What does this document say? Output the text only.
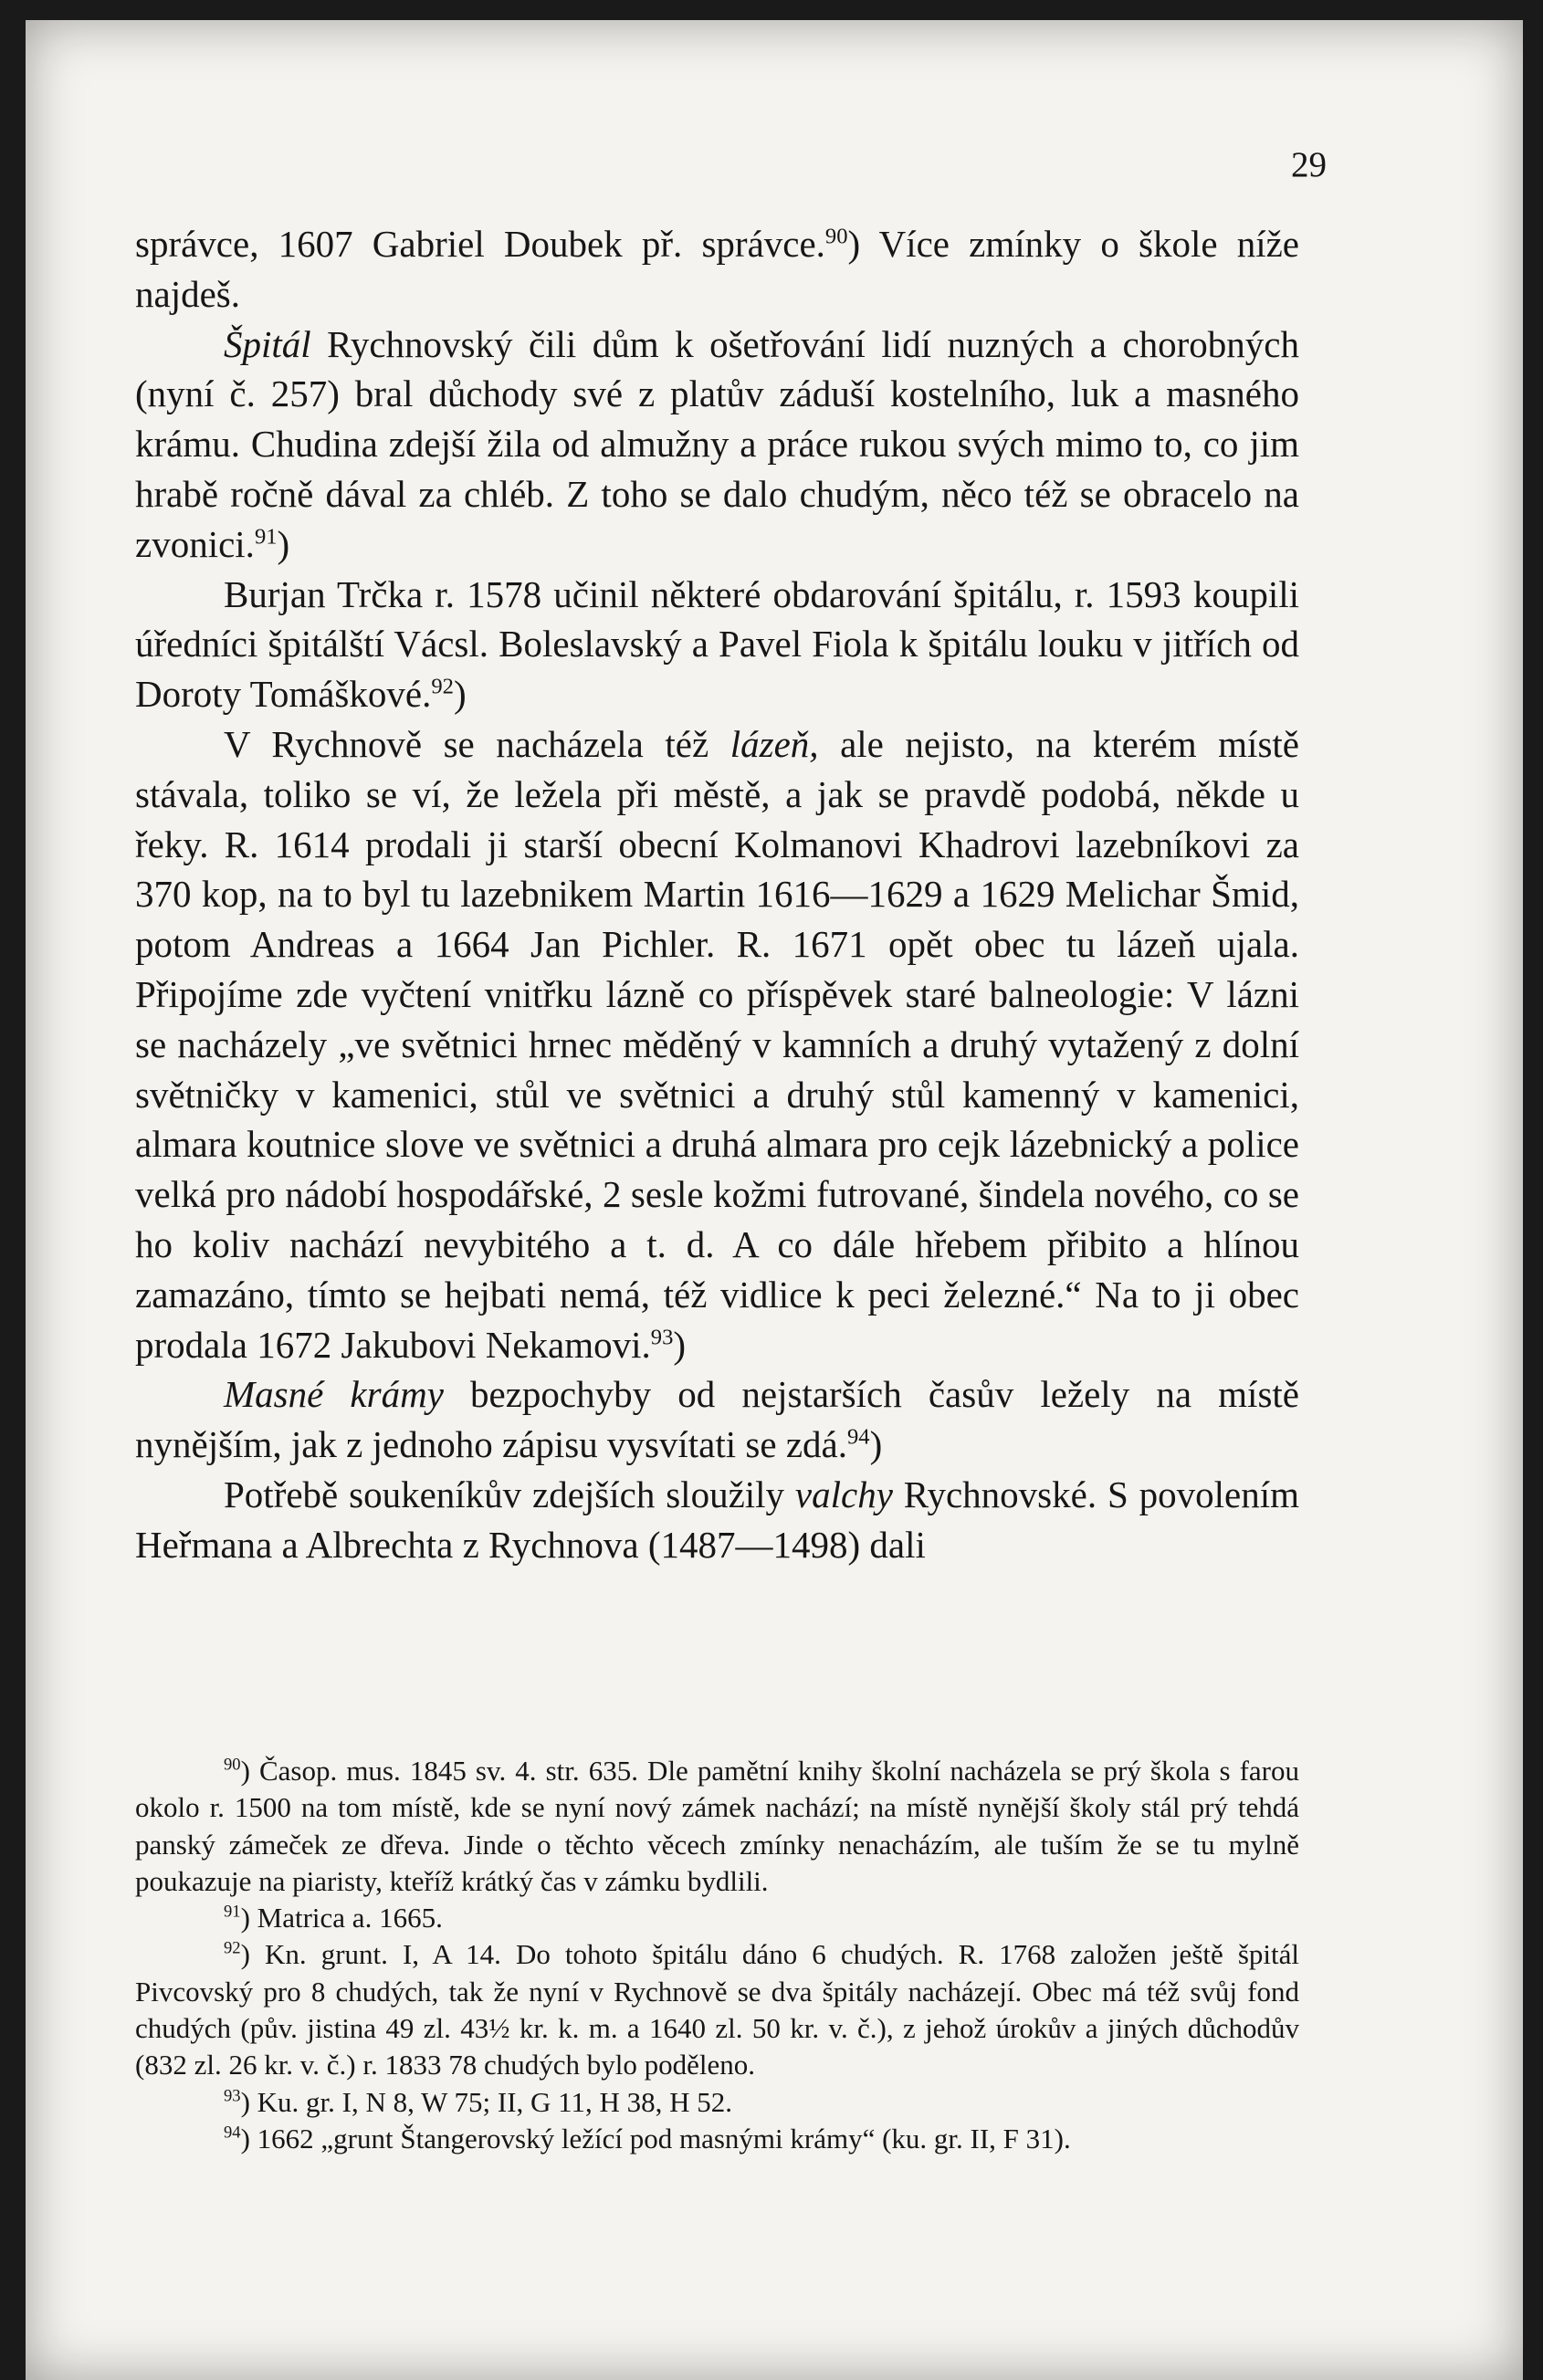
29

správce, 1607 Gabriel Doubek př. správce.$^{90}$) Více zmínky o škole níže najdeš.

Špitál Rychnovský čili dům k ošetřování lidí nuzných a chorobných (nyní č. 257) bral důchody své z platův záduší kostelního, luk a masného krámu. Chudina zdejší žila od almužny a práce rukou svých mimo to, co jim hrabě ročně dával za chléb. Z toho se dalo chudým, něco též se obracelo na zvonici.$^{91}$)

Burjan Trčka r. 1578 učinil některé obdarování špitálu, r. 1593 koupili úředníci špitálští Vácsl. Boleslavský a Pavel Fiola k špitálu louku v jitřích od Doroty Tomáškové.$^{92}$)

V Rychnově se nacházela též lázeň, ale nejisto, na kterém místě stávala, toliko se ví, že ležela při městě, a jak se pravdě podobá, někde u řeky. R. 1614 prodali ji starší obecní Kolmanovi Khadrovi lazebníkovi za 370 kop, na to byl tu lazebnikem Martin 1616—1629 a 1629 Melichar Šmid, potom Andreas a 1664 Jan Pichler. R. 1671 opět obec tu lázeň ujala. Připojíme zde vyčtení vnitřku lázně co příspěvek staré balneologie: V lázni se nacházely „ve světnici hrnec měděný v kamních a druhý vytažený z dolní světničky v kamenici, stůl ve světnici a druhý stůl kamenný v kamenici, almara koutnice slove ve světnici a druhá almara pro cejk lázebnický a police velká pro nádobí hospodářské, 2 sesle kožmi futrované, šindela nového, co se ho koliv nachází nevybitého a t. d. A co dále hřebem přibito a hlínou zamazáno, tímto se hejbati nemá, též vidlice k peci železné.“ Na to ji obec prodala 1672 Jakubovi Nekamovi.$^{93}$)

Masné krámy bezpochyby od nejstarších časův ležely na místě nynějším, jak z jednoho zápisu vysvítati se zdá.$^{94}$)

Potřebě soukeníkův zdejších sloužily valchy Rychnovské. S povolením Heřmana a Albrechta z Rychnova (1487—1498) dali

$^{90}$) Časop. mus. 1845 sv. 4. str. 635. Dle pamětní knihy školní nacházela se prý škola s farou okolo r. 1500 na tom místě, kde se nyní nový zámek nachází; na místě nynější školy stál prý tehdá panský zámeček ze dřeva. Jinde o těchto věcech zmínky nenacházím, ale tuším že se tu mylně poukazuje na piaristy, kteříž krátký čas v zámku bydlili.

$^{91}$) Matrica a. 1665.

$^{92}$) Kn. grunt. I, A 14. Do tohoto špitálu dáno 6 chudých. R. 1768 založen ještě špitál Pivcovský pro 8 chudých, tak že nyní v Rychnově se dva špitály nacházejí. Obec má též svůj fond chudých (pův. jistina 49 zl. 43½ kr. k. m. a 1640 zl. 50 kr. v. č.), z jehož úrokův a jiných důchodův (832 zl. 26 kr. v. č.) r. 1833 78 chudých bylo poděleno.

$^{93}$) Ku. gr. I, N 8, W 75; II, G 11, H 38, H 52.

$^{94}$) 1662 „grunt Štangerovský ležící pod masnými krámy“ (ku. gr. II, F 31).
